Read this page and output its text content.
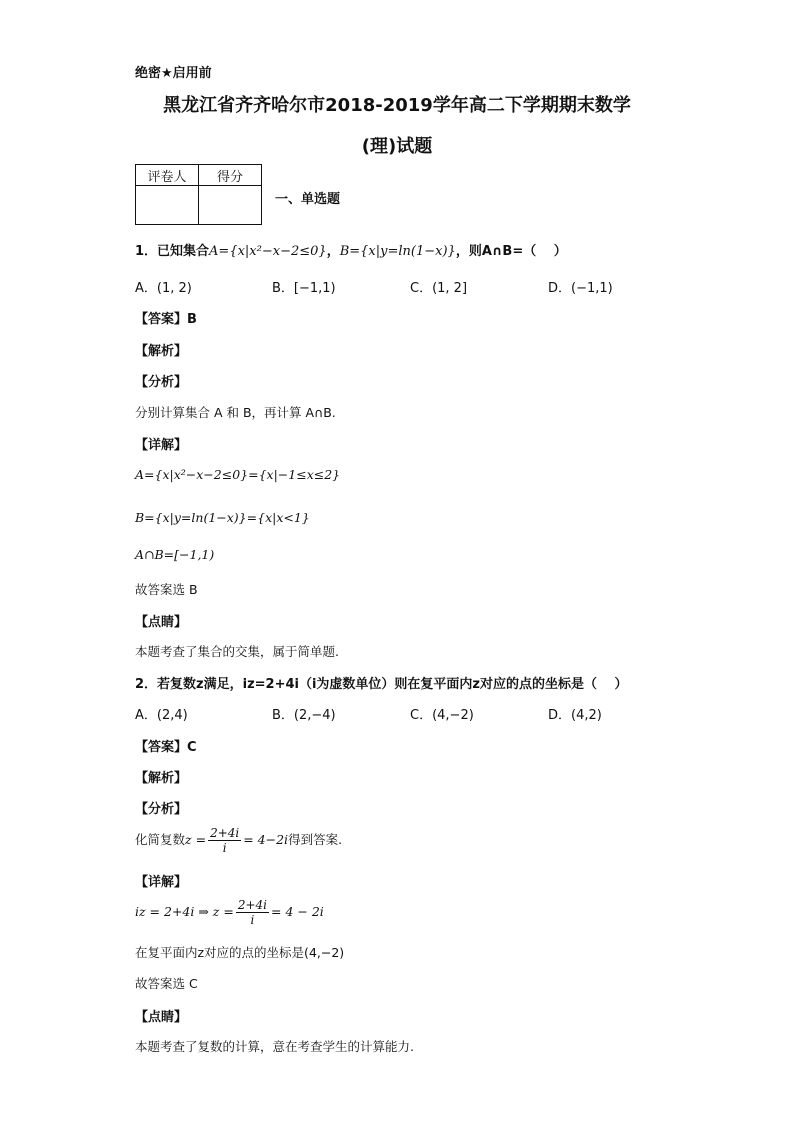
绝密★启用前
黑龙江省齐齐哈尔市2018-2019学年高二下学期期末数学
(理)试题
评卷人	得分

一、单选题
1．已知集合A={x|x²−x−2≤0}，B={x|y=ln(1−x)}，则A∩B=（　 ）
A．(1, 2)	B．[−1,1)	C．(1, 2]	D．(−1,1)
【答案】B
【解析】
【分析】
分别计算集合 A 和 B，再计算 A∩B.
【详解】
A={x|x²−x−2≤0}={x|−1≤x≤2}
B={x|y=ln(1−x)}={x|x<1}
A∩B=[−1,1)
故答案选 B
【点睛】
本题考查了集合的交集，属于简单题.
2．若复数z满足，iz=2+4i（i为虚数单位）则在复平面内z对应的点的坐标是（　 ）
A．(2,4)	B．(2,−4)	C．(4,−2)	D．(4,2)
【答案】C
【解析】
【分析】
化简复数$z = \frac{2+4i}{i} = 4-2i$得到答案.
【详解】
iz = 2+4i ⇒ $z = \frac{2+4i}{i} = 4 - 2i$
在复平面内z对应的点的坐标是(4,−2)
故答案选 C
【点睛】
本题考查了复数的计算，意在考查学生的计算能力.
